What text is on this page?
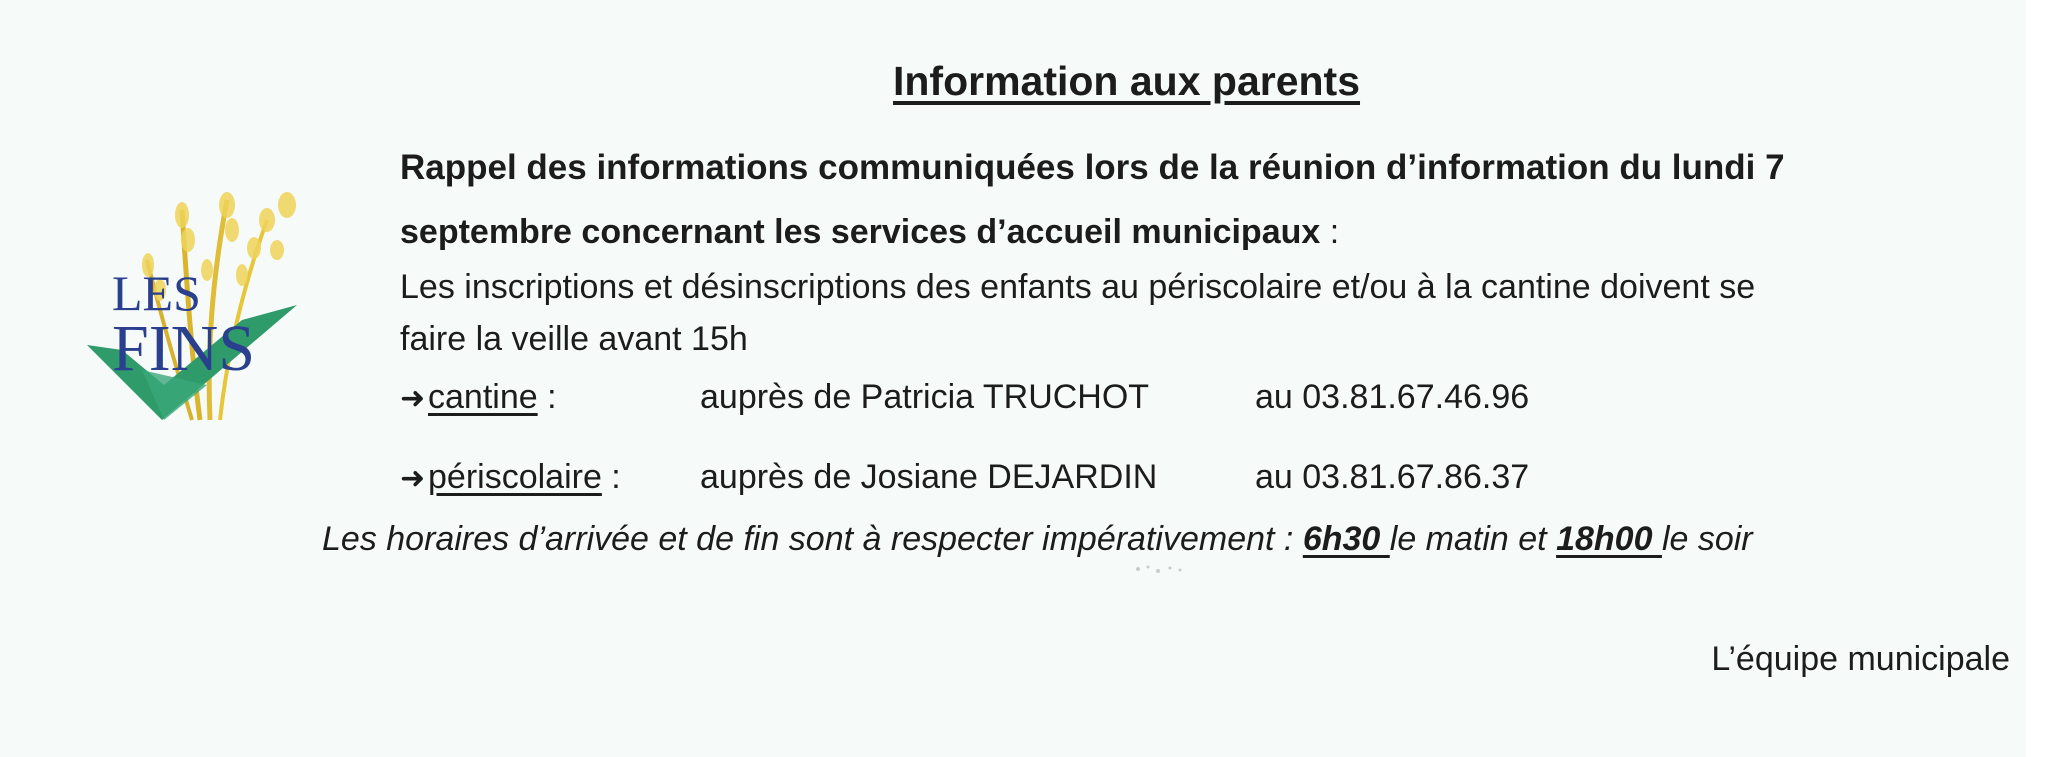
Information aux parents
LES
FINS
Rappel des informations communiquées lors de la réunion d’information du lundi 7
septembre concernant les services d’accueil municipaux :
Les inscriptions et désinscriptions des enfants au périscolaire et/ou à la cantine doivent se
faire la veille avant 15h
➜cantine :	auprès de Patricia TRUCHOT	au 03.81.67.46.96
➜périscolaire : auprès de Josiane DEJARDIN	au 03.81.67.86.37
Les horaires d’arrivée et de fin sont à respecter impérativement : 6h30 le matin et 18h00 le soir
L’équipe municipale
